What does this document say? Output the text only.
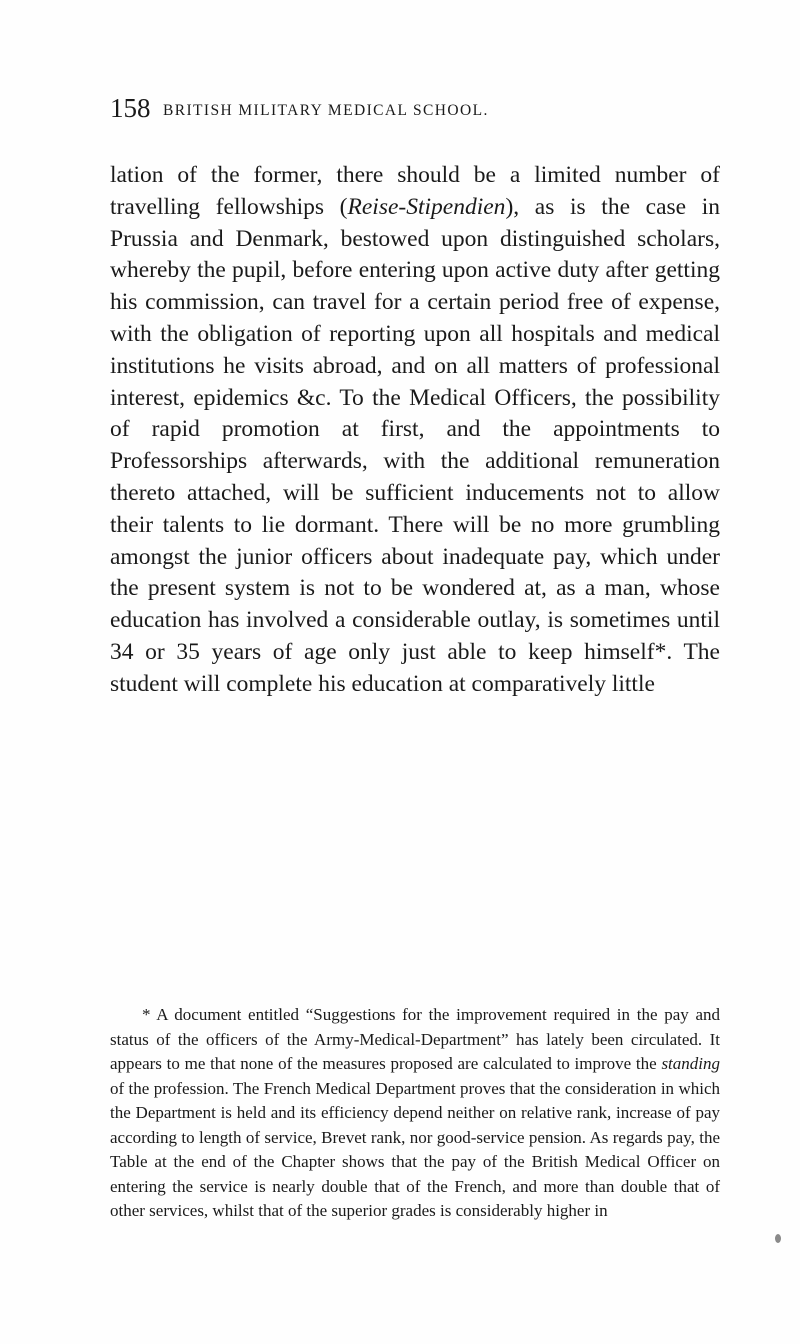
158 BRITISH MILITARY MEDICAL SCHOOL.

lation of the former, there should be a limited number of travelling fellowships (Reise-Stipendien), as is the case in Prussia and Denmark, bestowed upon distinguished scholars, whereby the pupil, before entering upon active duty after getting his commission, can travel for a certain period free of expense, with the obligation of reporting upon all hospitals and medical institutions he visits abroad, and on all matters of professional interest, epidemics &c. To the Medical Officers, the possibility of rapid promotion at first, and the appointments to Professorships afterwards, with the additional remuneration thereto attached, will be sufficient inducements not to allow their talents to lie dormant. There will be no more grumbling amongst the junior officers about inadequate pay, which under the present system is not to be wondered at, as a man, whose education has involved a considerable outlay, is sometimes until 34 or 35 years of age only just able to keep himself*. The student will complete his education at comparatively little

* A document entitled “Suggestions for the improvement required in the pay and status of the officers of the Army-Medical-Department” has lately been circulated. It appears to me that none of the measures proposed are calculated to improve the standing of the profession. The French Medical Department proves that the consideration in which the Department is held and its efficiency depend neither on relative rank, increase of pay according to length of service, Brevet rank, nor good-service pension. As regards pay, the Table at the end of the Chapter shows that the pay of the British Medical Officer on entering the service is nearly double that of the French, and more than double that of other services, whilst that of the superior grades is considerably higher in
